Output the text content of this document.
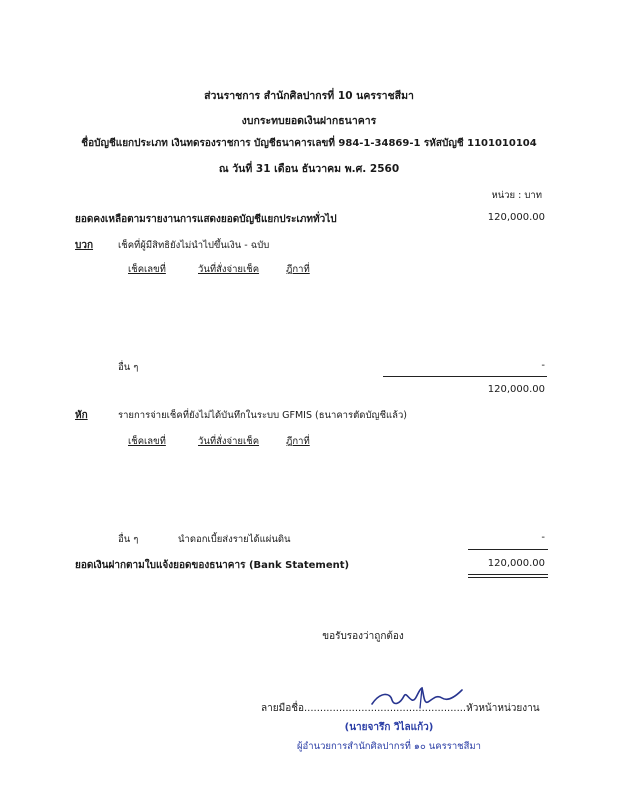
ส่วนราชการ สำนักศิลปากรที่ 10 นครราชสีมา
งบกระทบยอดเงินฝากธนาคาร
ชื่อบัญชีแยกประเภท เงินทดรองราชการ บัญชีธนาคารเลขที่ 984-1-34869-1 รหัสบัญชี 1101010104
ณ วันที่ 31 เดือน ธันวาคม พ.ศ. 2560
หน่วย : บาท
ยอดคงเหลือตามรายงานการแสดงยอดบัญชีแยกประเภททั่วไป	120,000.00
บวก	เช็คที่ผู้มีสิทธิยังไม่นำไปขึ้นเงิน - ฉบับ
เช็คเลขที่	วันที่สั่งจ่ายเช็ค	ฎีกาที่
อื่น ๆ	-
120,000.00
หัก	รายการจ่ายเช็คที่ยังไม่ได้บันทึกในระบบ GFMIS (ธนาคารตัดบัญชีแล้ว)
เช็คเลขที่	วันที่สั่งจ่ายเช็ค	ฎีกาที่
อื่น ๆ	นำดอกเบี้ยส่งรายได้แผ่นดิน	-
ยอดเงินฝากตามใบแจ้งยอดของธนาคาร (Bank Statement)	120,000.00
ขอรับรองว่าถูกต้อง
ลายมือชื่อ...................................................หัวหน้าหน่วยงาน
(นายจารึก วิไลแก้ว)
ผู้อำนวยการสำนักศิลปากรที่ ๑๐ นครราชสีมา
